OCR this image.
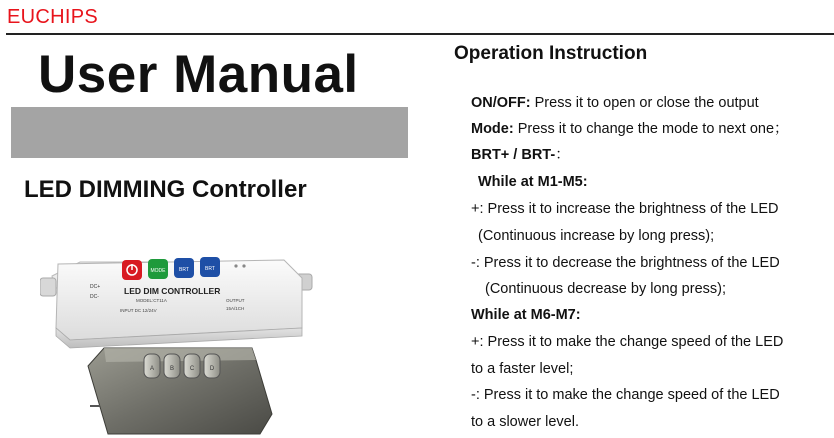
EUCHIPS
User Manual
LED DIMMING Controller
Operation Instruction
ON/OFF: Press it to open or close the output
Mode: Press it to change the mode to next one；
BRT+ / BRT-：
While at M1-M5:
+: Press it to increase the brightness of the LED
(Continuous increase by long press);
-: Press it to decrease the brightness of the LED
(Continuous decrease by long press);
While at M6-M7:
+: Press it to make the change speed of the LED
to a faster level;
-: Press it to make the change speed of the LED
to a slower level.
MODE	BRT	BRT
DC+
DC-
LED DIM CONTROLLER
MODEL:CT11A
INPUT DC 12/24V
OUTPUT
15A/1CH
A	B	C	D
